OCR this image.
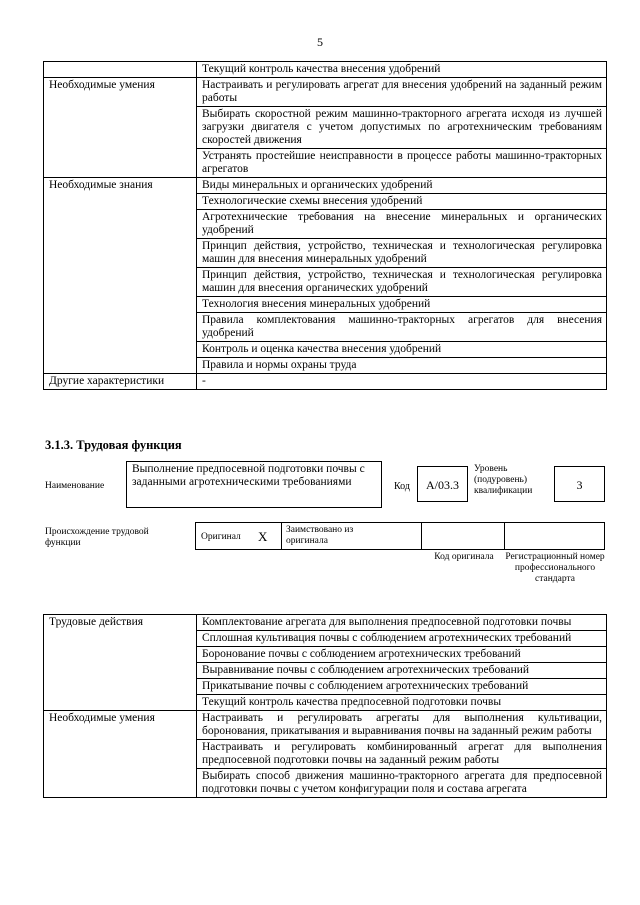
5
	Текущий контроль качества внесения удобрений
Необходимые умения	Настраивать и регулировать агрегат для внесения удобрений на заданный режим работы
	Выбирать скоростной режим машинно-тракторного агрегата исходя из лучшей загрузки двигателя с учетом допустимых по агротехническим требованиям скоростей движения
	Устранять простейшие неисправности в процессе работы машинно-тракторных агрегатов
Необходимые знания	Виды минеральных и органических удобрений
	Технологические схемы внесения удобрений
	Агротехнические требования на внесение минеральных и органических удобрений
	Принцип действия, устройство, техническая и технологическая регулировка машин для внесения минеральных удобрений
	Принцип действия, устройство, техническая и технологическая регулировка машин для внесения органических удобрений
	Технология внесения минеральных удобрений
	Правила комплектования машинно-тракторных агрегатов для внесения удобрений
	Контроль и оценка качества внесения удобрений
	Правила и нормы охраны труда
Другие характеристики	-
3.1.3. Трудовая функция
Наименование
Выполнение предпосевной подготовки почвы с заданными агротехническими требованиями	Код	A/03.3
Уровень (подуровень) квалификации	3
Происхождение трудовой функции
Оригинал X Заимствовано из оригинала
Код оригинала	Регистрационный номер профессионального стандарта
Трудовые действия	Комплектование агрегата для выполнения предпосевной подготовки почвы
	Сплошная культивация почвы с соблюдением агротехнических требований
	Боронование почвы с соблюдением агротехнических требований
	Выравнивание почвы с соблюдением агротехнических требований
	Прикатывание почвы с соблюдением агротехнических требований
	Текущий контроль качества предпосевной подготовки почвы
Необходимые умения	Настраивать и регулировать агрегаты для выполнения культивации, боронования, прикатывания и выравнивания почвы на заданный режим работы
	Настраивать и регулировать комбинированный агрегат для выполнения предпосевной подготовки почвы на заданный режим работы
	Выбирать способ движения машинно-тракторного агрегата для предпосевной подготовки почвы с учетом конфигурации поля и состава агрегата
